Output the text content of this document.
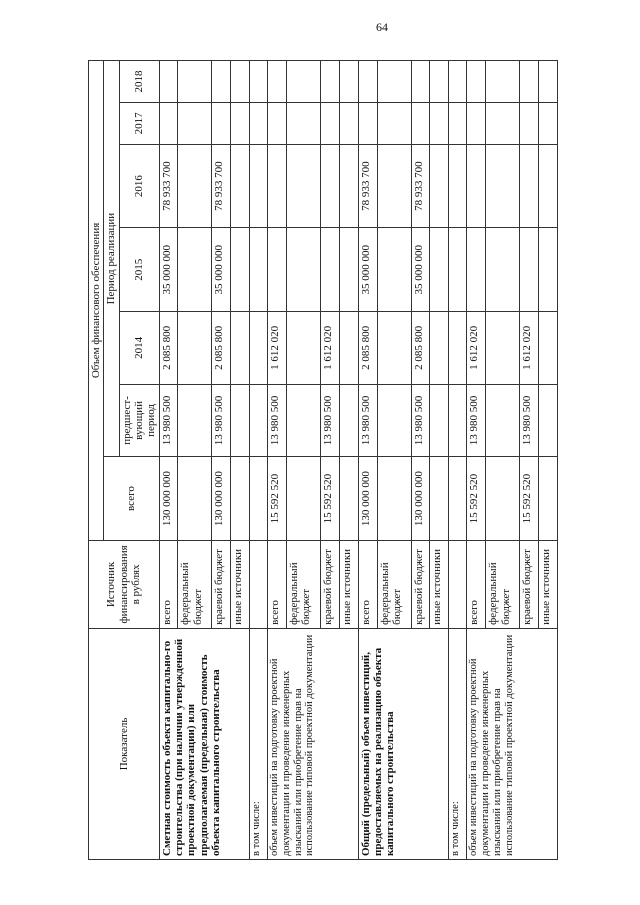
64
Показатель	Источник финансирования в рублях	Объем финансового обеспечения						
		всего	Период реализации					
			предшест-вующий период	2014	2015	2016	2017	2018
Сметная стоимость объекта капитально-го строительства (при наличии утвержденной проектной документации) или предполагаемая (предельная) стоимость объекта капитального строительства	всего	130 000 000	13 980 500	2 085 800	35 000 000	78 933 700		
	федеральный бюджет							
	краевой бюджет	130 000 000	13 980 500	2 085 800	35 000 000	78 933 700		
	иные источники							
в том числе:								
объем инвестиций на подготовку проектной документации и проведение инженерных изысканий или приобретение прав на использование типовой проектной документации	всего	15 592 520	13 980 500	1 612 020				
	федеральный бюджет							
	краевой бюджет	15 592 520	13 980 500	1 612 020				
	иные источники							
Общий (предельный) объем инвестиций, предоставляемых на реализацию объекта капитального строительства	всего	130 000 000	13 980 500	2 085 800	35 000 000	78 933 700		
	федеральный бюджет							
	краевой бюджет	130 000 000	13 980 500	2 085 800	35 000 000	78 933 700		
	иные источники							
в том числе:								
объем инвестиций на подготовку проектной документации и проведение инженерных изысканий или приобретение прав на использование типовой проектной документации	всего	15 592 520	13 980 500	1 612 020				
	федеральный бюджет							
	краевой бюджет	15 592 520	13 980 500	1 612 020				
	иные источники							
